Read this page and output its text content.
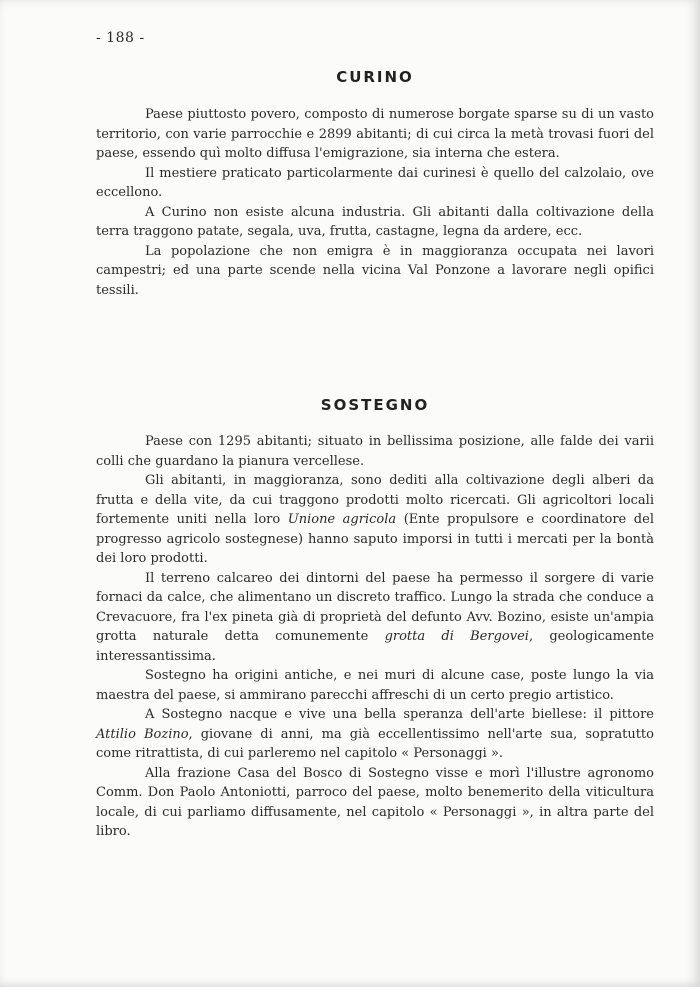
- 188 -
CURINO

Paese piuttosto povero, composto di numerose borgate sparse su di un vasto territorio, con varie parrocchie e 2899 abitanti; di cui circa la metà trovasi fuori del paese, essendo quì molto diffusa l'emigrazione, sia interna che estera.

Il mestiere praticato particolarmente dai curinesi è quello del calzolaio, ove eccellono.

A Curino non esiste alcuna industria. Gli abitanti dalla coltivazione della terra traggono patate, segala, uva, frutta, castagne, legna da ardere, ecc.

La popolazione che non emigra è in maggioranza occupata nei lavori campestri; ed una parte scende nella vicina Val Ponzone a lavorare negli opifici tessili.

SOSTEGNO

Paese con 1295 abitanti; situato in bellissima posizione, alle falde dei varii colli che guardano la pianura vercellese.

Gli abitanti, in maggioranza, sono dediti alla coltivazione degli alberi da frutta e della vite, da cui traggono prodotti molto ricercati. Gli agricoltori locali fortemente uniti nella loro Unione agricola (Ente propulsore e coordinatore del progresso agricolo sostegnese) hanno saputo imporsi in tutti i mercati per la bontà dei loro prodotti.

Il terreno calcareo dei dintorni del paese ha permesso il sorgere di varie fornaci da calce, che alimentano un discreto traffico. Lungo la strada che conduce a Crevacuore, fra l'ex pineta già di proprietà del defunto Avv. Bozino, esiste un'ampia grotta naturale detta comunemente grotta di Bergovei, geologicamente interessantissima.

Sostegno ha origini antiche, e nei muri di alcune case, poste lungo la via maestra del paese, si ammirano parecchi affreschi di un certo pregio artistico.

A Sostegno nacque e vive una bella speranza dell'arte biellese: il pittore Attilio Bozino, giovane di anni, ma già eccellentissimo nell'arte sua, sopratutto come ritrattista, di cui parleremo nel capitolo « Personaggi ».

Alla frazione Casa del Bosco di Sostegno visse e morì l'illustre agronomo Comm. Don Paolo Antoniotti, parroco del paese, molto benemerito della viticultura locale, di cui parliamo diffusamente, nel capitolo « Personaggi », in altra parte del libro.
